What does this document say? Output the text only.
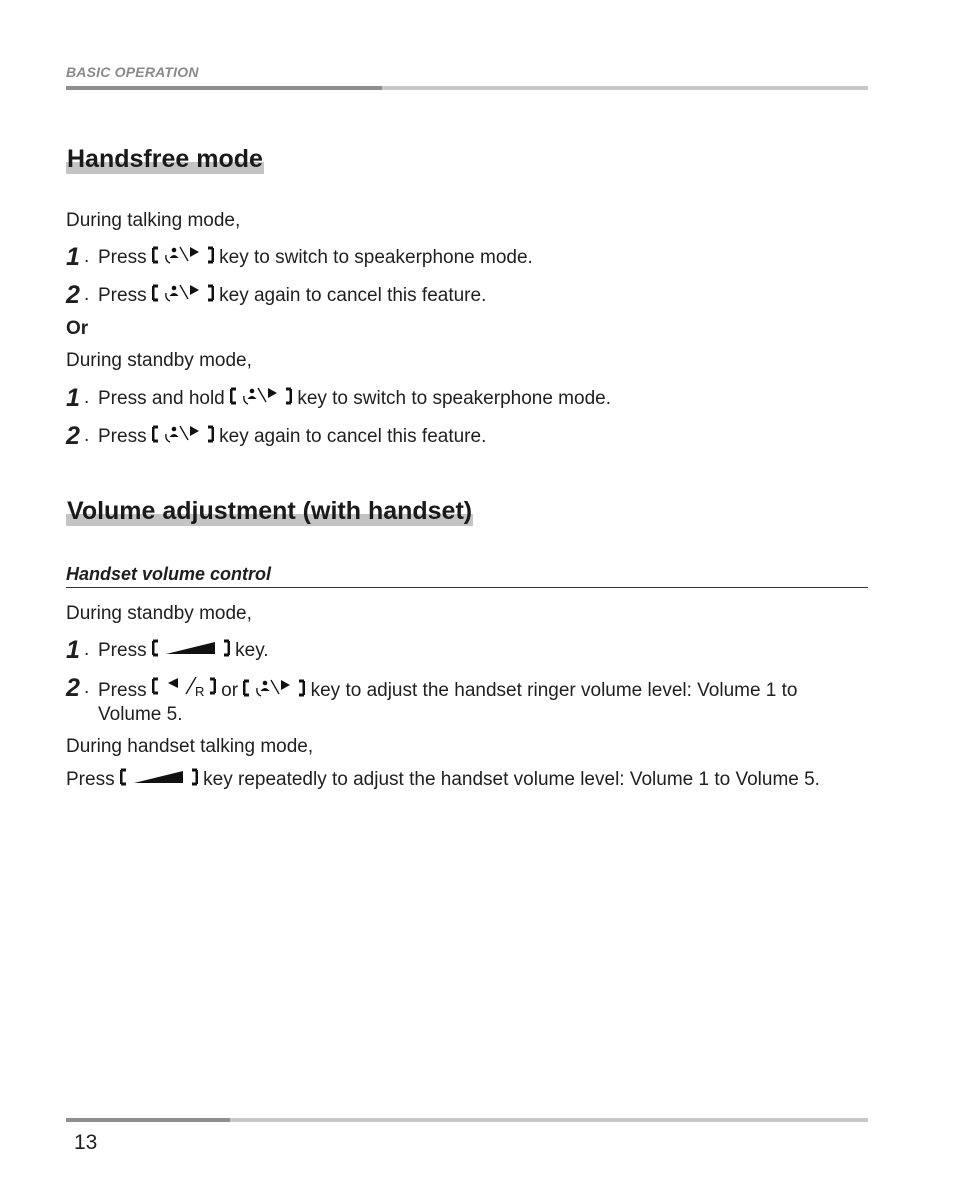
BASIC OPERATION
Handsfree mode
During talking mode,
1 . Press	key to switch to speakerphone mode.
2 . Press	key again to cancel this feature.
Or
During standby mode,
1 . Press and hold	key to switch to speakerphone mode.
2 . Press	key again to cancel this feature.
Volume adjustment (with handset)
Handset volume control
During standby mode,
1 . Press	key.
2 . Press	R or	key to adjust the handset ringer volume level: Volume 1 to Volume 5.
During handset talking mode,
Press	key repeatedly to adjust the handset volume level: Volume 1 to Volume 5.
13
